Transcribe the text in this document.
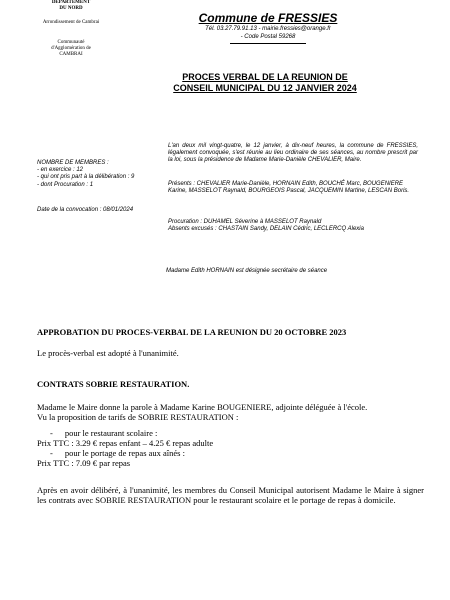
DEPARTEMENT
DU NORD
Arrondissement de Cambrai
Communauté
d'Agglomération de
CAMBRAI
Commune de FRESSIES
Tél. 03.27.79.91.13 - mairie.fressies@orange.fr
- Code Postal 59268
PROCES VERBAL DE LA REUNION DE
CONSEIL MUNICIPAL DU 12 JANVIER 2024
L'an deux mil vingt-quatre, le 12 janvier, à dix-neuf heures, la commune de FRESSIES, légalement convoquée, s'est réunie au lieu ordinaire de ses séances, au nombre prescrit par la loi, sous la présidence de Madame Marie-Danièle CHEVALIER, Maire.
NOMBRE DE MEMBRES :
- en exercice : 12
- qui ont pris part à la délibération : 9
- dont Procuration : 1
Date de la convocation : 08/01/2024
Présents : CHEVALIER Marie-Danièle, HORNAIN Edith, BOUCHÉ Marc, BOUGENIERE Karine, MASSELOT Raynald, BOURGEOIS Pascal, JACQUEMIN Martine, LESCAN Boris.
Procuration : DUHAMEL Séverine à MASSELOT Raynald
Absents excusés : CHASTAIN Sandy, DELAIN Cédric, LECLERCQ Alexia
Madame Edith HORNAIN est désignée secrétaire de séance
APPROBATION DU PROCES-VERBAL DE LA REUNION DU 20 OCTOBRE 2023
Le procès-verbal est adopté à l'unanimité.
CONTRATS SOBRIE RESTAURATION.
Madame le Maire donne la parole à Madame Karine BOUGENIERE, adjointe déléguée à l'école.
Vu la proposition de tarifs de SOBRIE RESTAURATION :
- pour le restaurant scolaire :
Prix TTC : 3.29 € repas enfant – 4.25 € repas adulte
- pour le portage de repas aux aînés :
Prix TTC : 7.09 € par repas
Après en avoir délibéré, à l'unanimité, les membres du Conseil Municipal autorisent Madame le Maire à signer les contrats avec SOBRIE RESTAURATION pour le restaurant scolaire et le portage de repas à domicile.
